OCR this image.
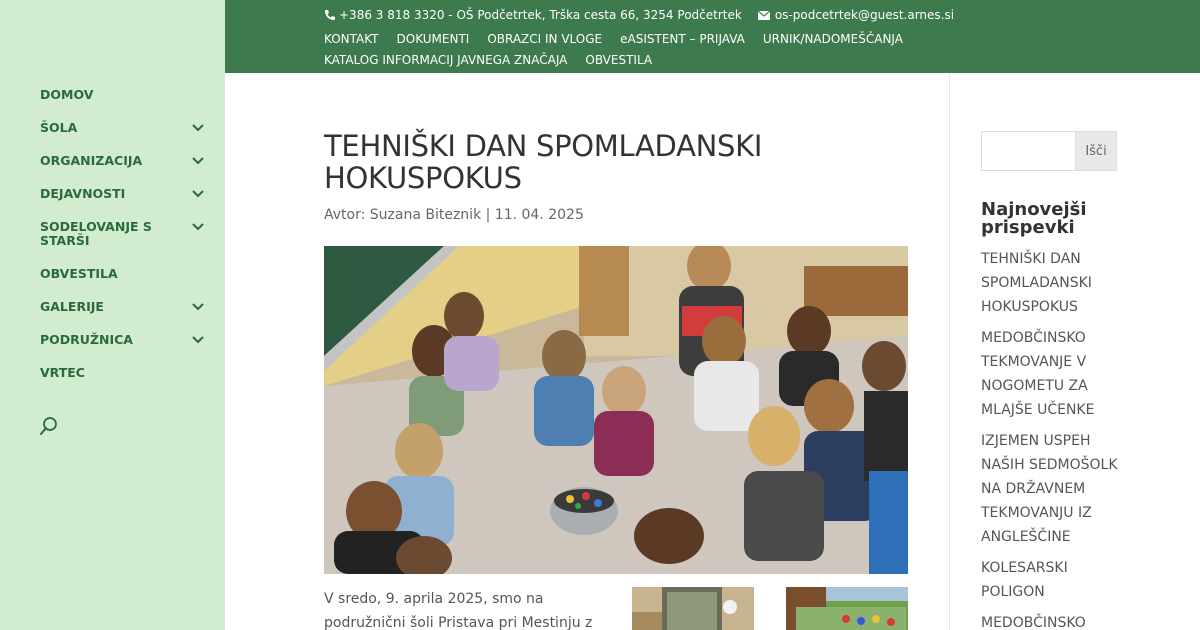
DOMOV
ŠOLA
ORGANIZACIJA
DEJAVNOSTI
SODELOVANJE S STARŠI
OBVESTILA
GALERIJE
PODRUŽNICA
VRTEC
+386 3 818 3320 - OŠ Podčetrtek, Trška cesta 66, 3254 Podčetrtek	os-podcetrtek@guest.arnes.si
KONTAKT DOKUMENTI OBRAZCI IN VLOGE eASISTENT – PRIJAVA URNIK/NADOMEŠČANJA
KATALOG INFORMACIJ JAVNEGA ZNAČAJA OBVESTILA
TEHNIŠKI DAN SPOMLADANSKI HOKUSPOKUS
Avtor: Suzana Biteznik | 11. 04. 2025

V sredo, 9. aprila 2025, smo na podružnični šoli Pristava pri Mestinju z

Išči
Najnovejši prispevki
TEHNIŠKI DAN SPOMLADANSKI HOKUSPOKUS
MEDOBČINSKO TEKMOVANJE V NOGOMETU ZA MLAJŠE UČENKE
IZJEMEN USPEH NAŠIH SEDMOŠOLK NA DRŽAVNEM TEKMOVANJU IZ ANGLEŠČINE
KOLESARSKI POLIGON
MEDOBČINSKO
